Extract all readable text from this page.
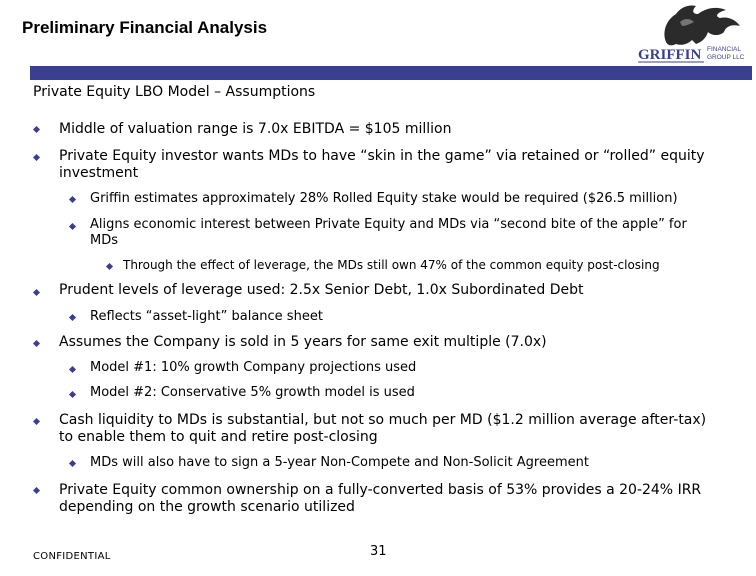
Preliminary Financial Analysis
GRIFFIN FINANCIAL
GROUP LLC
Private Equity LBO Model – Assumptions
Middle of valuation range is 7.0x EBITDA = $105 million
Private Equity investor wants MDs to have “skin in the game” via retained or “rolled” equity
investment
Griffin estimates approximately 28% Rolled Equity stake would be required ($26.5 million)
Aligns economic interest between Private Equity and MDs via “second bite of the apple” for
MDs
Through the effect of leverage, the MDs still own 47% of the common equity post-closing
Prudent levels of leverage used: 2.5x Senior Debt, 1.0x Subordinated Debt
Reflects “asset-light” balance sheet
Assumes the Company is sold in 5 years for same exit multiple (7.0x)
Model #1: 10% growth Company projections used
Model #2: Conservative 5% growth model is used
Cash liquidity to MDs is substantial, but not so much per MD ($1.2 million average after-tax)
to enable them to quit and retire post-closing
MDs will also have to sign a 5-year Non-Compete and Non-Solicit Agreement
Private Equity common ownership on a fully-converted basis of 53% provides a 20-24% IRR
depending on the growth scenario utilized
CONFIDENTIAL	31
